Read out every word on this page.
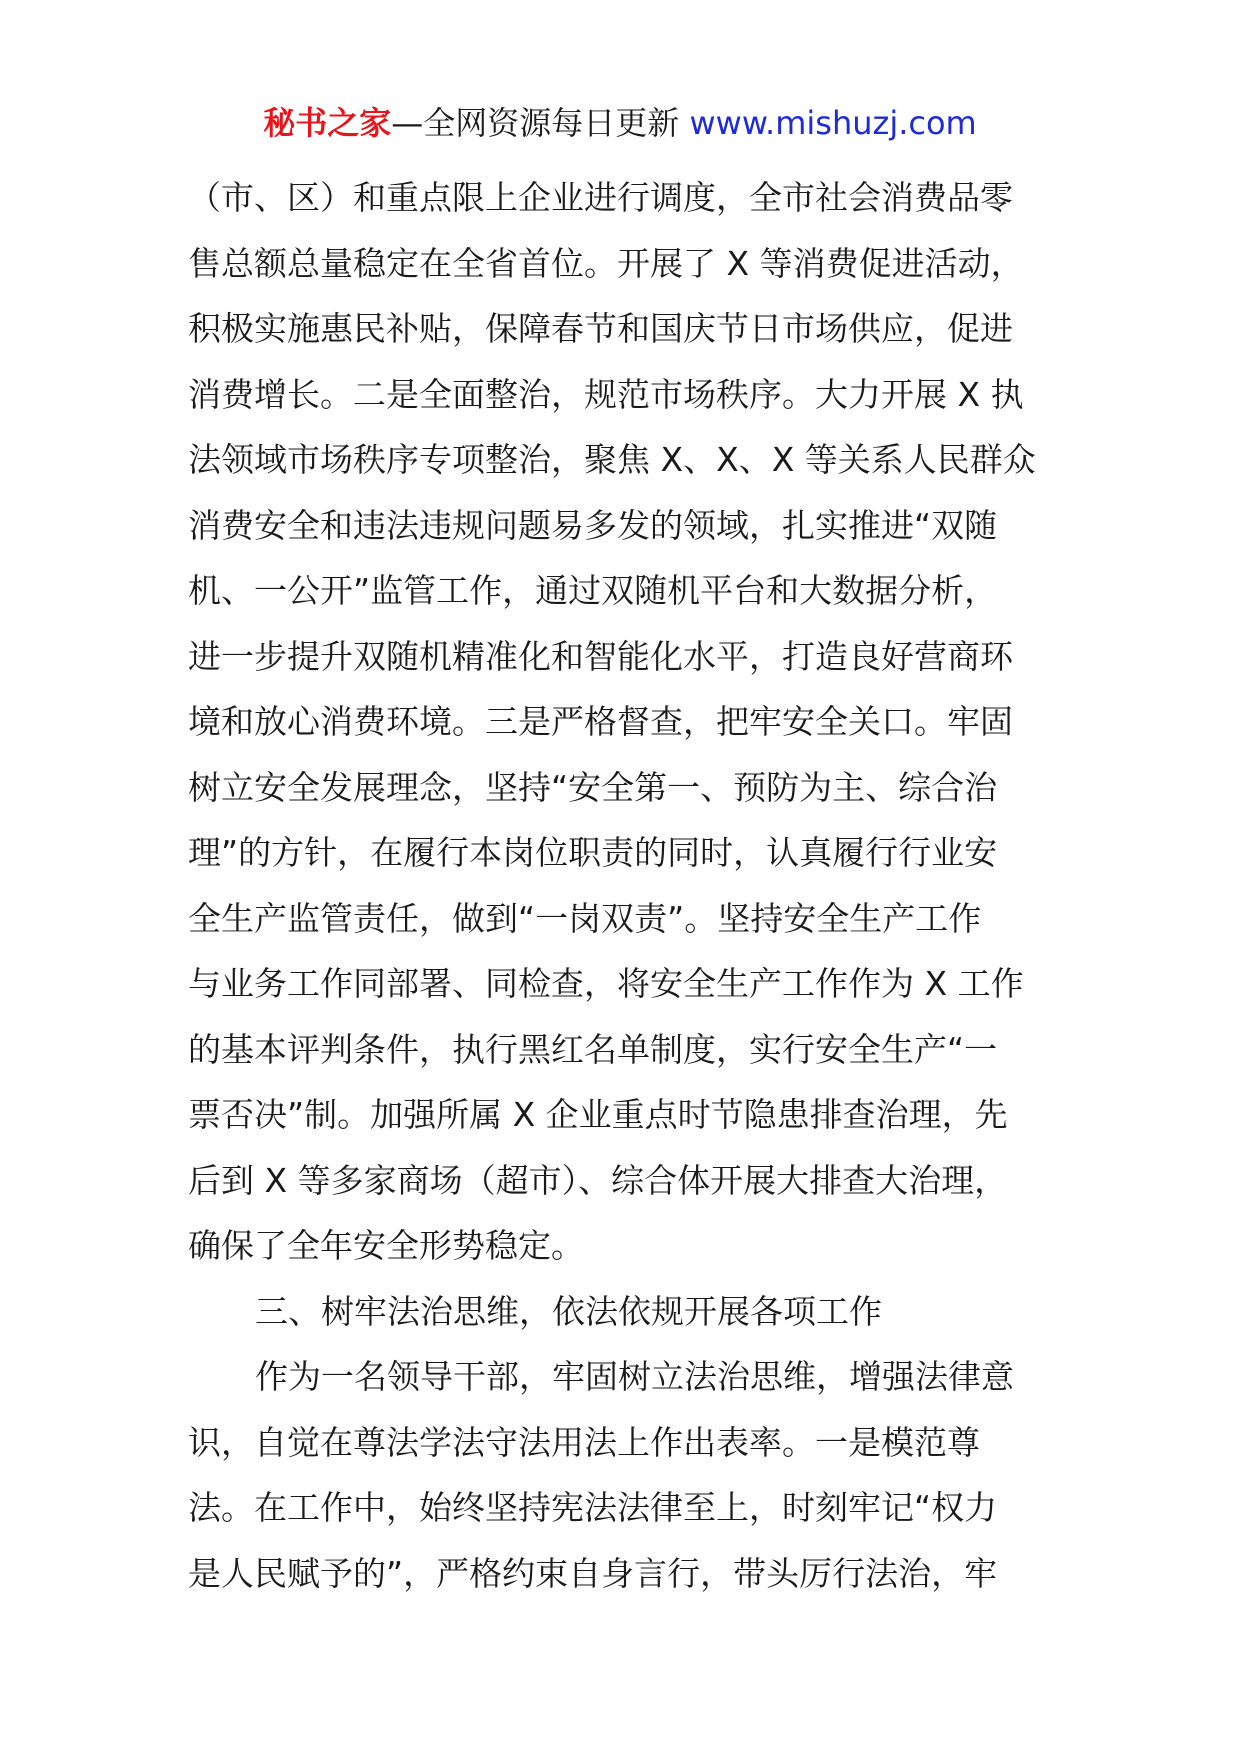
秘书之家—全网资源每日更新 www.mishuzj.com
（市、区）和重点限上企业进行调度，全市社会消费品零
售总额总量稳定在全省首位。开展了 X 等消费促进活动，
积极实施惠民补贴，保障春节和国庆节日市场供应，促进
消费增长。二是全面整治，规范市场秩序。大力开展 X 执
法领域市场秩序专项整治，聚焦 X、X、X 等关系人民群众
消费安全和违法违规问题易多发的领域，扎实推进“双随
机、一公开”监管工作，通过双随机平台和大数据分析，
进一步提升双随机精准化和智能化水平，打造良好营商环
境和放心消费环境。三是严格督查，把牢安全关口。牢固
树立安全发展理念，坚持“安全第一、预防为主、综合治
理”的方针，在履行本岗位职责的同时，认真履行行业安
全生产监管责任，做到“一岗双责”。坚持安全生产工作
与业务工作同部署、同检查，将安全生产工作作为 X 工作
的基本评判条件，执行黑红名单制度，实行安全生产“一
票否决”制。加强所属 X 企业重点时节隐患排查治理，先
后到 X 等多家商场（超市）、综合体开展大排查大治理，
确保了全年安全形势稳定。
三、树牢法治思维，依法依规开展各项工作
作为一名领导干部，牢固树立法治思维，增强法律意
识，自觉在尊法学法守法用法上作出表率。一是模范尊
法。在工作中，始终坚持宪法法律至上，时刻牢记“权力
是人民赋予的”，严格约束自身言行，带头厉行法治，牢
